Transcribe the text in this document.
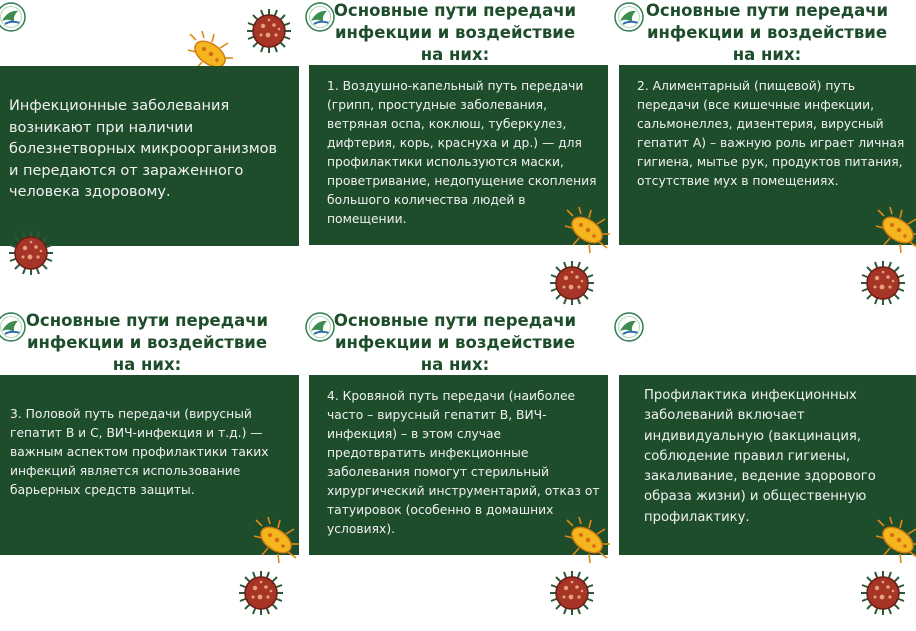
Инфекционные заболевания возникают при наличии болезнетворных микроорганизмов и передаются от зараженного человека здоровому.
Основные пути передачи инфекции и воздействие на них:
1. Воздушно-капельный путь передачи (грипп, простудные заболевания, ветряная оспа, коклюш, туберкулез, дифтерия, корь, краснуха и др.) — для профилактики используются маски, проветривание, недопущение скопления большого количества людей в помещении.
Основные пути передачи инфекции и воздействие на них:
2. Алиментарный (пищевой) путь передачи (все кишечные инфекции, сальмонеллез, дизентерия, вирусный гепатит А) – важную роль играет личная гигиена, мытье рук, продуктов питания, отсутствие мух в помещениях.
Основные пути передачи инфекции и воздействие на них:
3. Половой путь передачи (вирусный гепатит В и С, ВИЧ-инфекция и т.д.) — важным аспектом профилактики таких инфекций является использование барьерных средств защиты.
Основные пути передачи инфекции и воздействие на них:
4. Кровяной путь передачи (наиболее часто – вирусный гепатит В, ВИЧ-инфекция) – в этом случае предотвратить инфекционные заболевания помогут стерильный хирургический инструментарий, отказ от татуировок (особенно в домашних условиях).
Профилактика инфекционных заболеваний включает индивидуальную (вакцинация, соблюдение правил гигиены, закаливание, ведение здорового образа жизни) и общественную профилактику.
